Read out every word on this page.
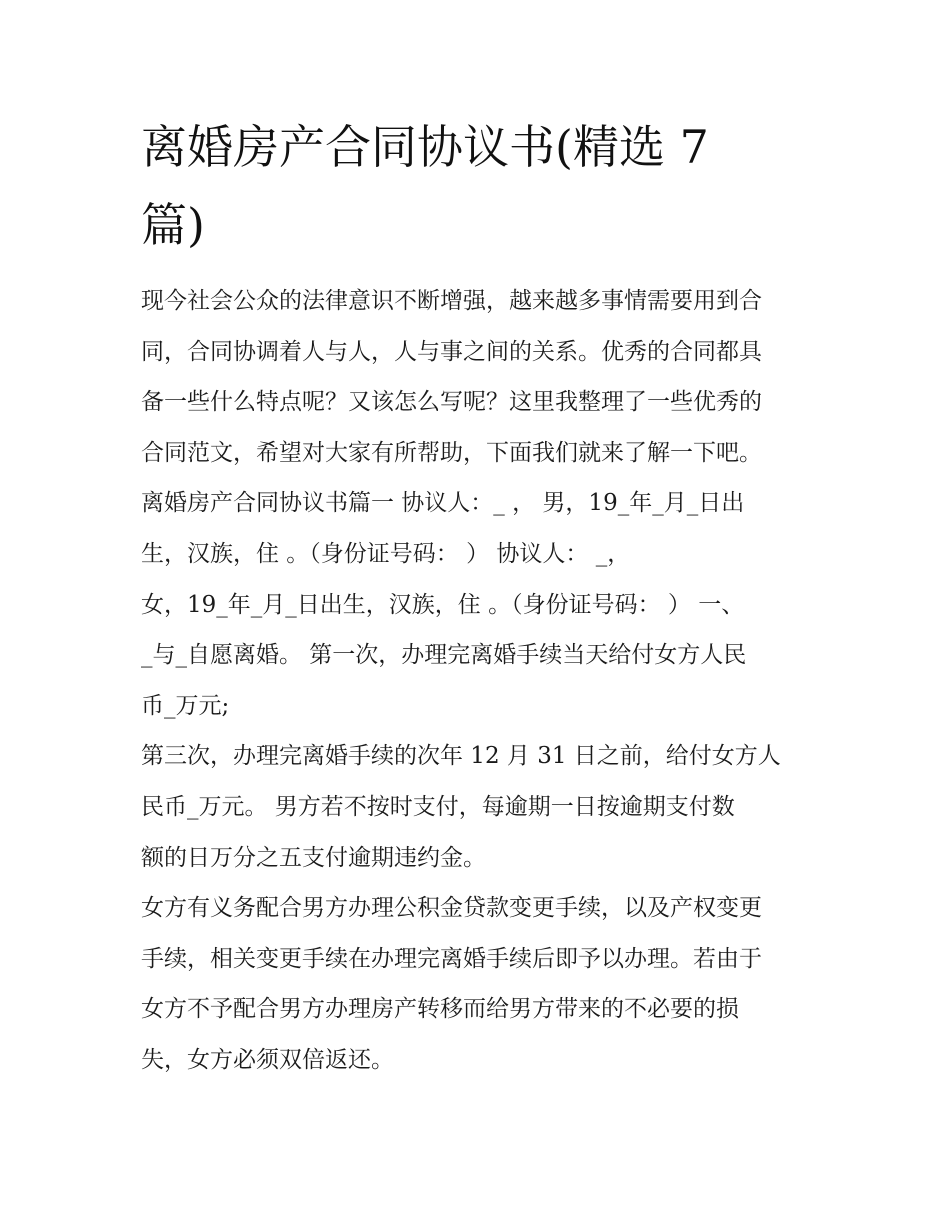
离婚房产合同协议书(精选 7
篇)
现今社会公众的法律意识不断增强，越来越多事情需要用到合
同，合同协调着人与人，人与事之间的关系。优秀的合同都具
备一些什么特点呢？又该怎么写呢？这里我整理了一些优秀的
合同范文，希望对大家有所帮助，下面我们就来了解一下吧。
离婚房产合同协议书篇一 协议人：_ ， 男，19_年_月_日出
生，汉族，住 。（身份证号码： ） 协议人： _，
女，19_年_月_日出生，汉族，住 。（身份证号码： ） 一、
_与_自愿离婚。 第一次，办理完离婚手续当天给付女方人民
币_万元;
第三次，办理完离婚手续的次年 12 月 31 日之前，给付女方人
民币_万元。 男方若不按时支付，每逾期一日按逾期支付数
额的日万分之五支付逾期违约金。
女方有义务配合男方办理公积金贷款变更手续，以及产权变更
手续，相关变更手续在办理完离婚手续后即予以办理。若由于
女方不予配合男方办理房产转移而给男方带来的不必要的损
失，女方必须双倍返还。
